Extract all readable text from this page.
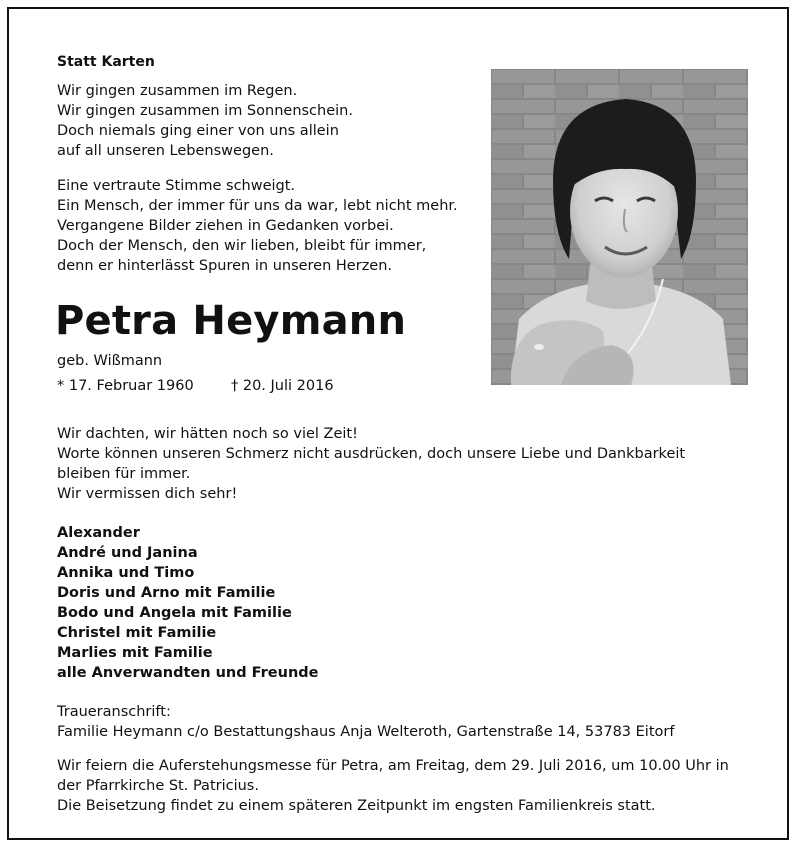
Statt Karten

Wir gingen zusammen im Regen.
Wir gingen zusammen im Sonnenschein.
Doch niemals ging einer von uns allein
auf all unseren Lebenswegen.
Eine vertraute Stimme schweigt.
Ein Mensch, der immer für uns da war, lebt nicht mehr.
Vergangene Bilder ziehen in Gedanken vorbei.
Doch der Mensch, den wir lieben, bleibt für immer,
denn er hinterlässt Spuren in unseren Herzen.
Petra Heymann

geb. Wißmann

* 17. Februar 1960	† 20. Juli 2016

Wir dachten, wir hätten noch so viel Zeit!
Worte können unseren Schmerz nicht ausdrücken, doch unsere Liebe und Dankbarkeit
bleiben für immer.
Wir vermissen dich sehr!
Alexander
André und Janina
Annika und Timo
Doris und Arno mit Familie
Bodo und Angela mit Familie
Christel mit Familie
Marlies mit Familie
alle Anverwandten und Freunde
Traueranschrift:
Familie Heymann c/o Bestattungshaus Anja Welteroth, Gartenstraße 14, 53783 Eitorf
Wir feiern die Auferstehungsmesse für Petra, am Freitag, dem 29. Juli 2016, um 10.00 Uhr in
der Pfarrkirche St. Patricius.
Die Beisetzung findet zu einem späteren Zeitpunkt im engsten Familienkreis statt.
